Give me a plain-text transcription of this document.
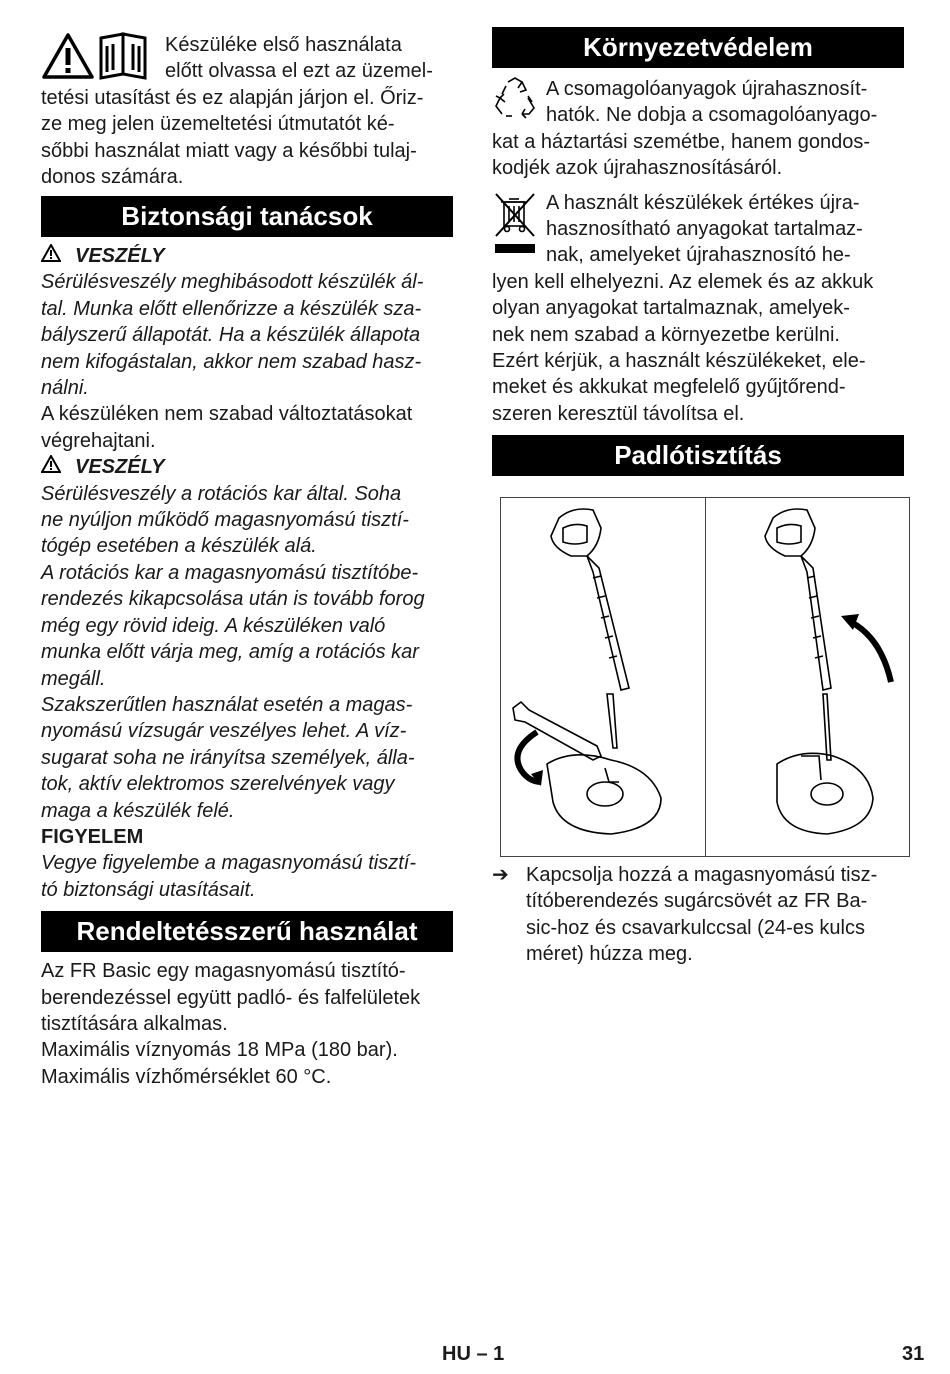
Készüléke első használata

előtt olvassa el ezt az üzemel-

tetési utasítást és ez alapján járjon el. Őriz-

ze meg jelen üzemeltetési útmutatót ké-

sőbbi használat miatt vagy a későbbi tulaj-

donos számára.

Biztonsági tanácsok
VESZÉLY

Sérülésveszély meghibásodott készülék ál-

tal. Munka előtt ellenőrizze a készülék sza-

bályszerű állapotát. Ha a készülék állapota

nem kifogástalan, akkor nem szabad hasz-

nálni.

A készüléken nem szabad változtatásokat

végrehajtani.

VESZÉLY

Sérülésveszély a rotációs kar által. Soha

ne nyúljon működő magasnyomású tisztí-

tógép esetében a készülék alá.

A rotációs kar a magasnyomású tisztítóbe-

rendezés kikapcsolása után is tovább forog

még egy rövid ideig. A készüléken való

munka előtt várja meg, amíg a rotációs kar

megáll.

Szakszerűtlen használat esetén a magas-

nyomású vízsugár veszélyes lehet. A víz-

sugarat soha ne irányítsa személyek, álla-

tok, aktív elektromos szerelvények vagy

maga a készülék felé.

FIGYELEM

Vegye figyelembe a magasnyomású tisztí-

tó biztonsági utasításait.

Rendeltetésszerű használat

Az FR Basic egy magasnyomású tisztító-

berendezéssel együtt padló- és falfelületek

tisztítására alkalmas.

Maximális víznyomás 18 MPa (180 bar).

Maximális vízhőmérséklet 60 °C.

Környezetvédelem

A csomagolóanyagok újrahasznosít-

hatók. Ne dobja a csomagolóanyago-

kat a háztartási szemétbe, hanem gondos-

kodjék azok újrahasznosításáról.

A használt készülékek értékes újra-

hasznosítható anyagokat tartalmaz-

nak, amelyeket újrahasznosító he-

lyen kell elhelyezni. Az elemek és az akkuk

olyan anyagokat tartalmaznak, amelyek-

nek nem szabad a környezetbe kerülni.

Ezért kérjük, a használt készülékeket, ele-

meket és akkukat megfelelő gyűjtőrend-

szeren keresztül távolítsa el.

Padlótisztítás
➔ Kapcsolja hozzá a magasnyomású tisz-

títóberendezés sugárcsövét az FR Ba-

sic-hoz és csavarkulccsal (24-es kulcs

méret) húzza meg.

HU – 1	31
